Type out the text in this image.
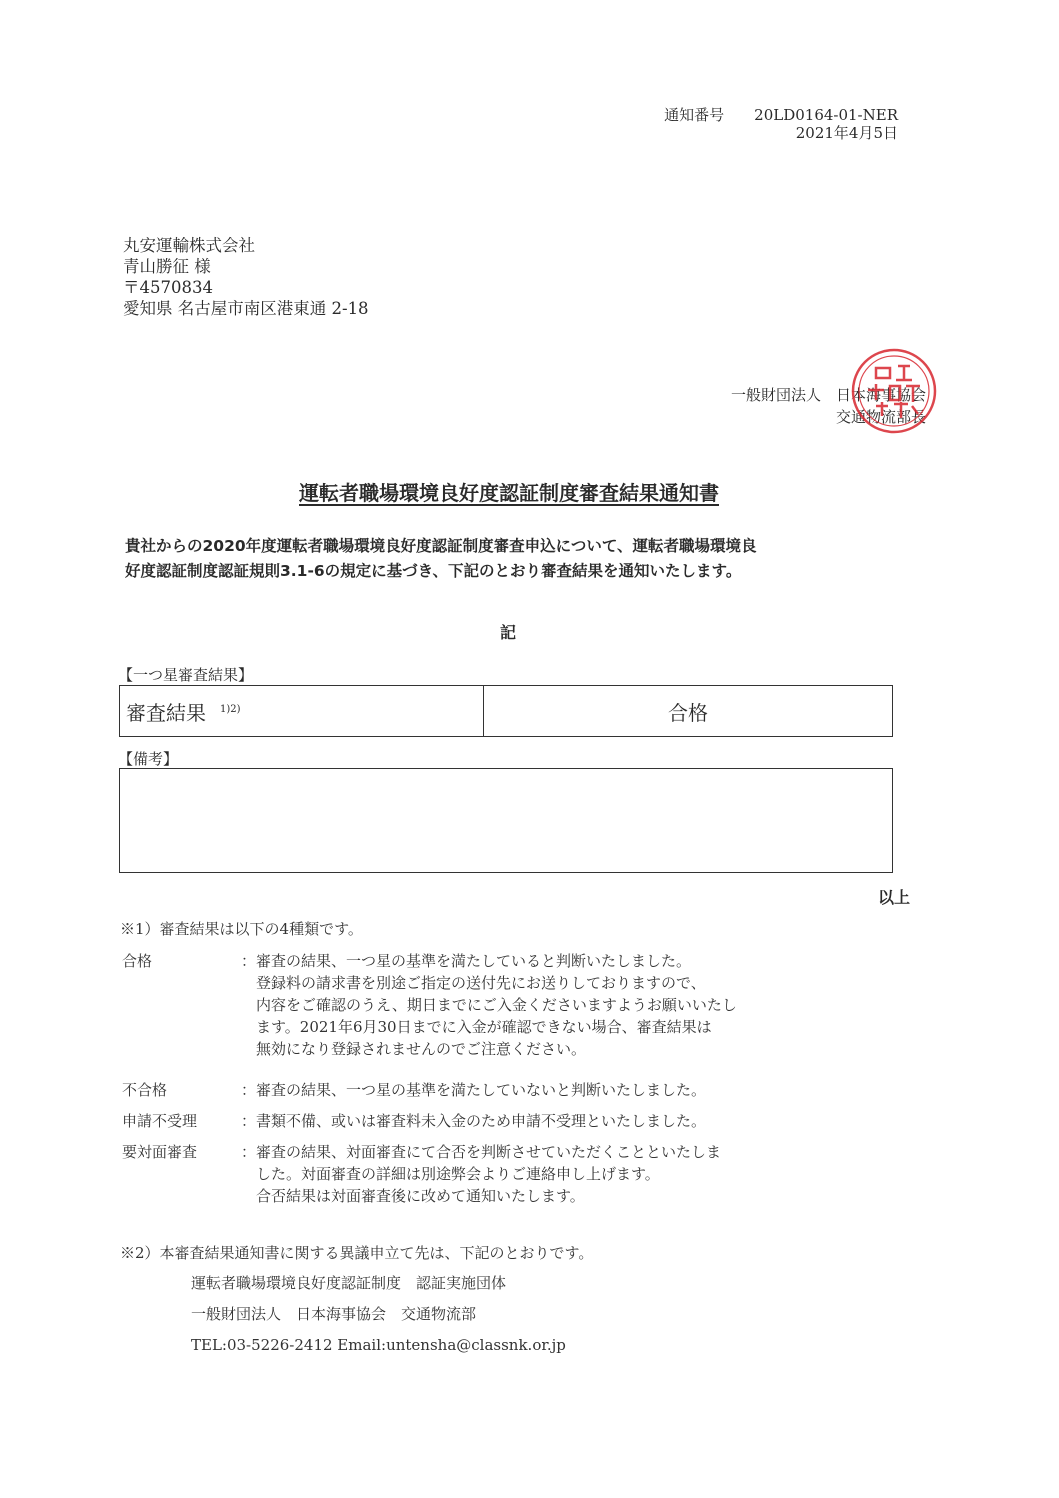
通知番号 20LD0164-01-NER
2021年4月5日
丸安運輸株式会社
青山勝征 様
〒4570834
愛知県 名古屋市南区港東通 2-18
一般財団法人　日本海事協会
交通物流部長
運転者職場環境良好度認証制度審査結果通知書
貴社からの2020年度運転者職場環境良好度認証制度審査申込について、運転者職場環境良
好度認証制度認証規則3.1-6の規定に基づき、下記のとおり審査結果を通知いたします。
記
【一つ星審査結果】
審査結果 $^{1)2)}$	合格
【備考】
以上
※1）審査結果は以下の4種類です。
合格	：審査の結果、一つ星の基準を満たしていると判断いたしました。
　登録料の請求書を別途ご指定の送付先にお送りしておりますので、
　内容をご確認のうえ、期日までにご入金くださいますようお願いいたし
　ます。2021年6月30日までに入金が確認できない場合、審査結果は
　無効になり登録されませんのでご注意ください。
不合格	：審査の結果、一つ星の基準を満たしていないと判断いたしました。
申請不受理	：書類不備、或いは審査料未入金のため申請不受理といたしました。
要対面審査	：審査の結果、対面審査にて合否を判断させていただくことといたしま
　した。対面審査の詳細は別途弊会よりご連絡申し上げます。
　合否結果は対面審査後に改めて通知いたします。
※2）本審査結果通知書に関する異議申立て先は、下記のとおりです。
運転者職場環境良好度認証制度　認証実施団体
一般財団法人　日本海事協会　交通物流部
TEL:03-5226-2412 Email:untensha@classnk.or.jp
